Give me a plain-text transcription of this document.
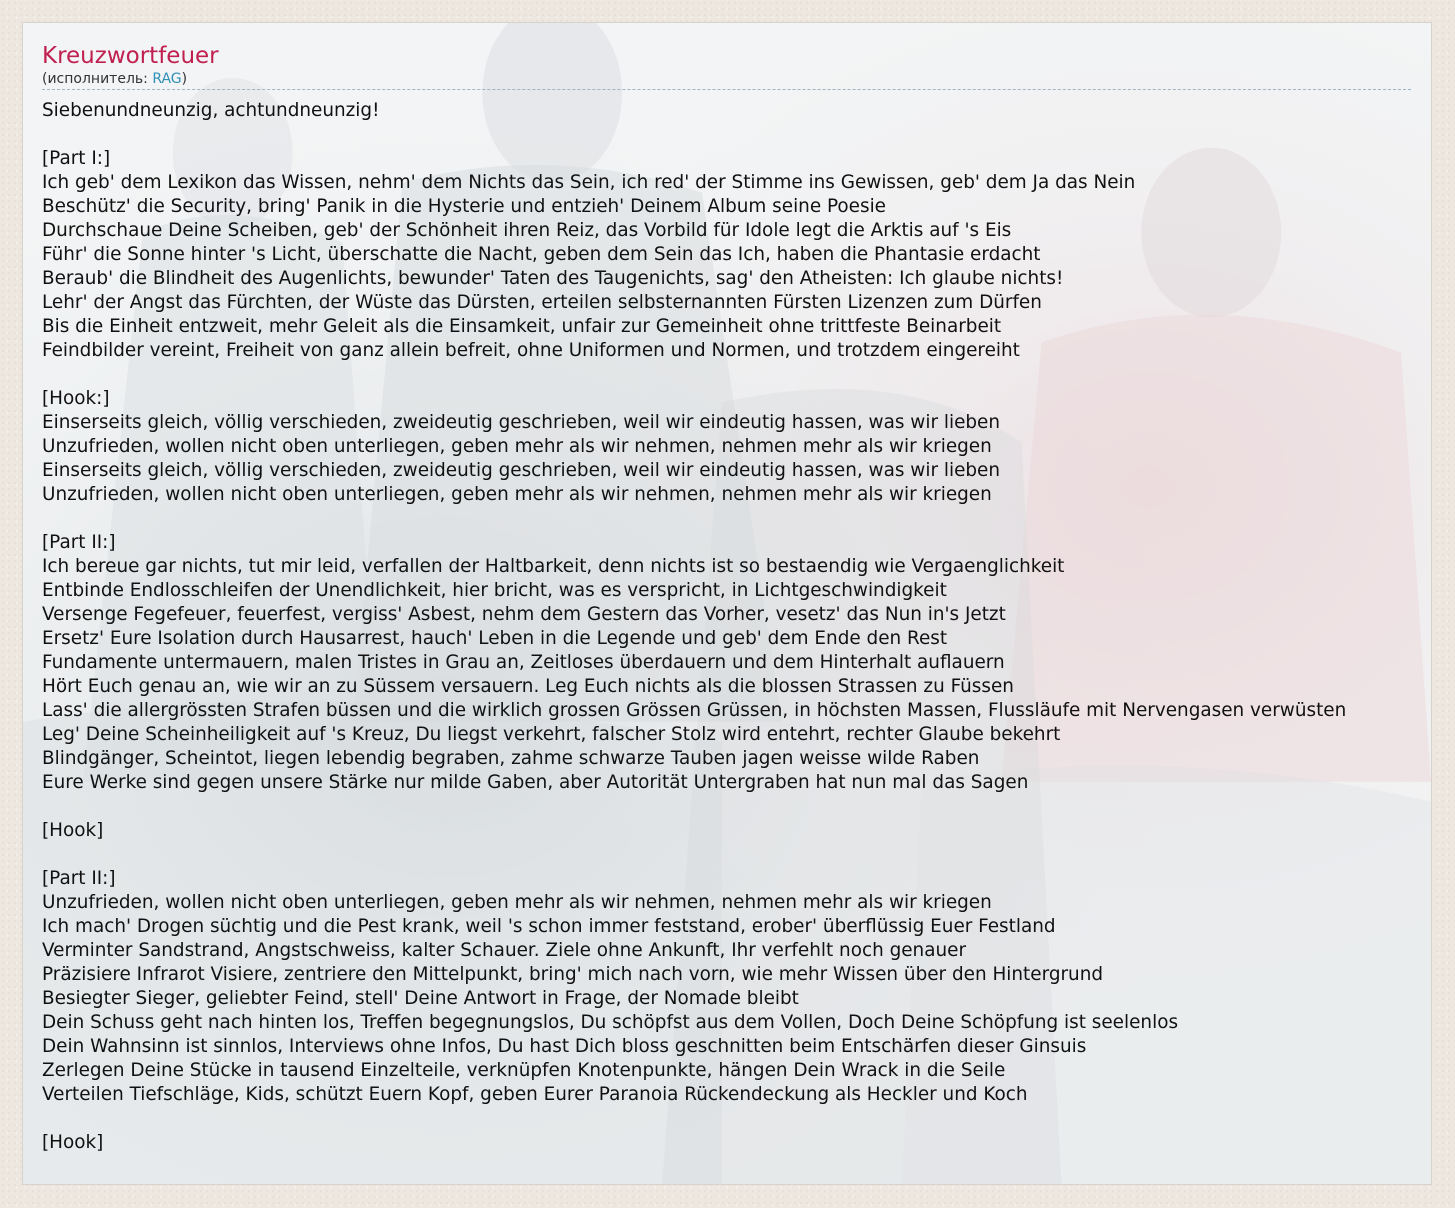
Kreuzwortfeuer

(исполнитель: RAG)

Siebenundneunzig, achtundneunzig!
[Part I:]
Ich geb' dem Lexikon das Wissen, nehm' dem Nichts das Sein, ich red' der Stimme ins Gewissen, geb' dem Ja das Nein
Beschütz' die Security, bring' Panik in die Hysterie und entzieh' Deinem Album seine Poesie
Durchschaue Deine Scheiben, geb' der Schönheit ihren Reiz, das Vorbild für Idole legt die Arktis auf 's Eis
Führ' die Sonne hinter 's Licht, überschatte die Nacht, geben dem Sein das Ich, haben die Phantasie erdacht
Beraub' die Blindheit des Augenlichts, bewunder' Taten des Taugenichts, sag' den Atheisten: Ich glaube nichts!
Lehr' der Angst das Fürchten, der Wüste das Dürsten, erteilen selbsternannten Fürsten Lizenzen zum Dürfen
Bis die Einheit entzweit, mehr Geleit als die Einsamkeit, unfair zur Gemeinheit ohne trittfeste Beinarbeit
Feindbilder vereint, Freiheit von ganz allein befreit, ohne Uniformen und Normen, und trotzdem eingereiht
[Hook:]
Einserseits gleich, völlig verschieden, zweideutig geschrieben, weil wir eindeutig hassen, was wir lieben
Unzufrieden, wollen nicht oben unterliegen, geben mehr als wir nehmen, nehmen mehr als wir kriegen
Einserseits gleich, völlig verschieden, zweideutig geschrieben, weil wir eindeutig hassen, was wir lieben
Unzufrieden, wollen nicht oben unterliegen, geben mehr als wir nehmen, nehmen mehr als wir kriegen
[Part II:]
Ich bereue gar nichts, tut mir leid, verfallen der Haltbarkeit, denn nichts ist so bestaendig wie Vergaenglichkeit
Entbinde Endlosschleifen der Unendlichkeit, hier bricht, was es verspricht, in Lichtgeschwindigkeit
Versenge Fegefeuer, feuerfest, vergiss' Asbest, nehm dem Gestern das Vorher, vesetz' das Nun in's Jetzt
Ersetz' Eure Isolation durch Hausarrest, hauch' Leben in die Legende und geb' dem Ende den Rest
Fundamente untermauern, malen Tristes in Grau an, Zeitloses überdauern und dem Hinterhalt auflauern
Hört Euch genau an, wie wir an zu Süssem versauern. Leg Euch nichts als die blossen Strassen zu Füssen
Lass' die allergrössten Strafen büssen und die wirklich grossen Grössen Grüssen, in höchsten Massen, Flussläufe mit Nervengasen verwüsten
Leg' Deine Scheinheiligkeit auf 's Kreuz, Du liegst verkehrt, falscher Stolz wird entehrt, rechter Glaube bekehrt
Blindgänger, Scheintot, liegen lebendig begraben, zahme schwarze Tauben jagen weisse wilde Raben
Eure Werke sind gegen unsere Stärke nur milde Gaben, aber Autorität Untergraben hat nun mal das Sagen
[Hook]
[Part II:]
Unzufrieden, wollen nicht oben unterliegen, geben mehr als wir nehmen, nehmen mehr als wir kriegen
Ich mach' Drogen süchtig und die Pest krank, weil 's schon immer feststand, erober' überflüssig Euer Festland
Verminter Sandstrand, Angstschweiss, kalter Schauer. Ziele ohne Ankunft, Ihr verfehlt noch genauer
Präzisiere Infrarot Visiere, zentriere den Mittelpunkt, bring' mich nach vorn, wie mehr Wissen über den Hintergrund
Besiegter Sieger, geliebter Feind, stell' Deine Antwort in Frage, der Nomade bleibt
Dein Schuss geht nach hinten los, Treffen begegnungslos, Du schöpfst aus dem Vollen, Doch Deine Schöpfung ist seelenlos
Dein Wahnsinn ist sinnlos, Interviews ohne Infos, Du hast Dich bloss geschnitten beim Entschärfen dieser Ginsuis
Zerlegen Deine Stücke in tausend Einzelteile, verknüpfen Knotenpunkte, hängen Dein Wrack in die Seile
Verteilen Tiefschläge, Kids, schützt Euern Kopf, geben Eurer Paranoia Rückendeckung als Heckler und Koch
[Hook]
